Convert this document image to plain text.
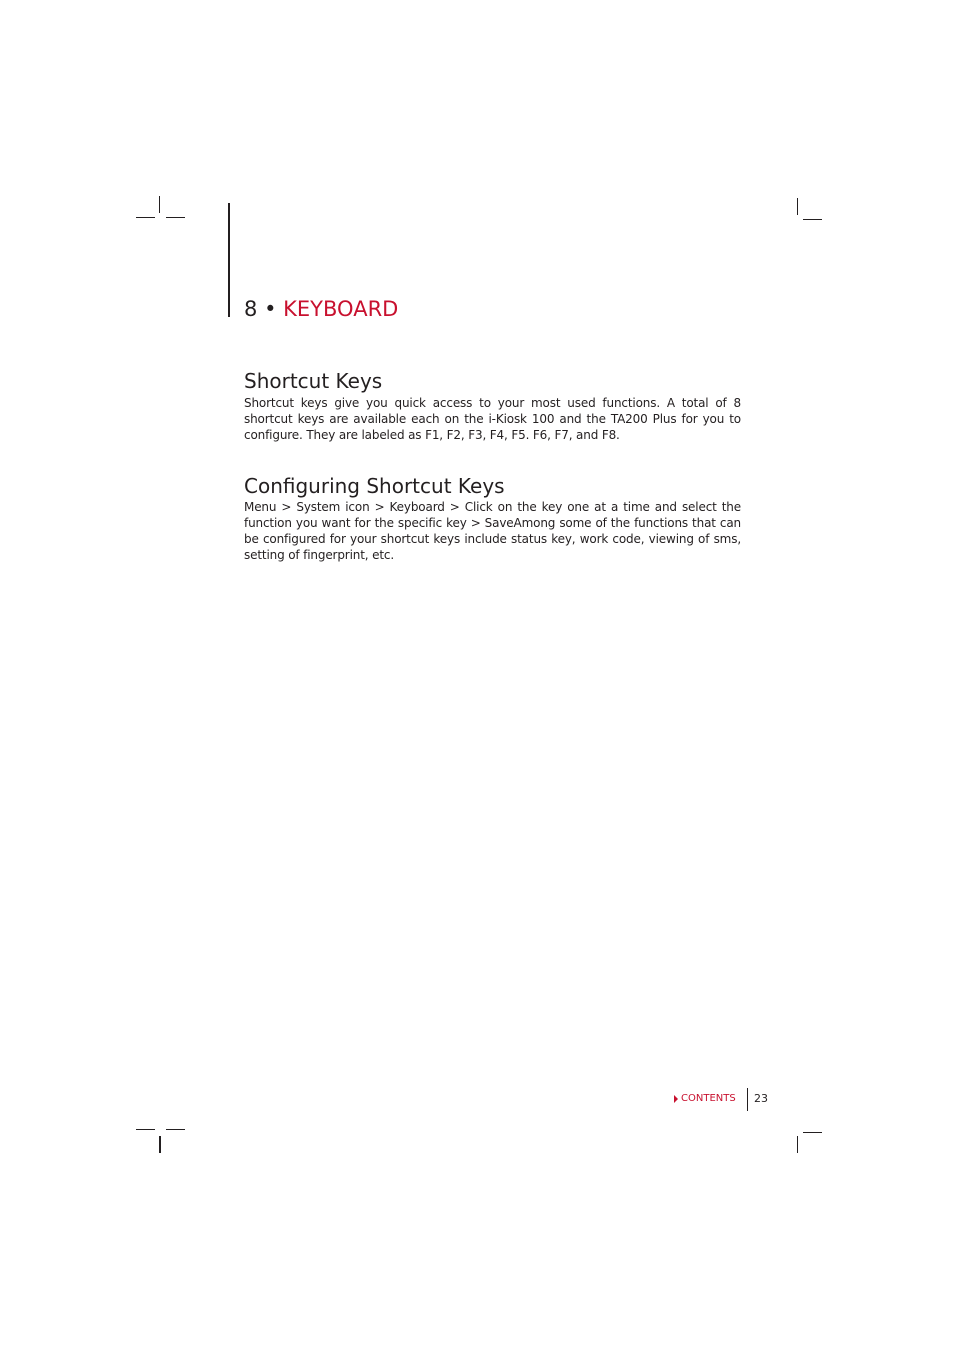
8 • KEYBOARD
Shortcut Keys

Shortcut keys give you quick access to your most used functions. A total of 8 shortcut keys are available each on the i-Kiosk 100 and the TA200 Plus for you to configure. They are labeled as F1, F2, F3, F4, F5. F6, F7, and F8.

Configuring Shortcut Keys

Menu > System icon > Keyboard > Click on the key one at a time and select the function you want for the specific key > SaveAmong some of the functions that can be configured for your shortcut keys include status key, work code, viewing of sms, setting of fingerprint, etc.

CONTENTS 23
